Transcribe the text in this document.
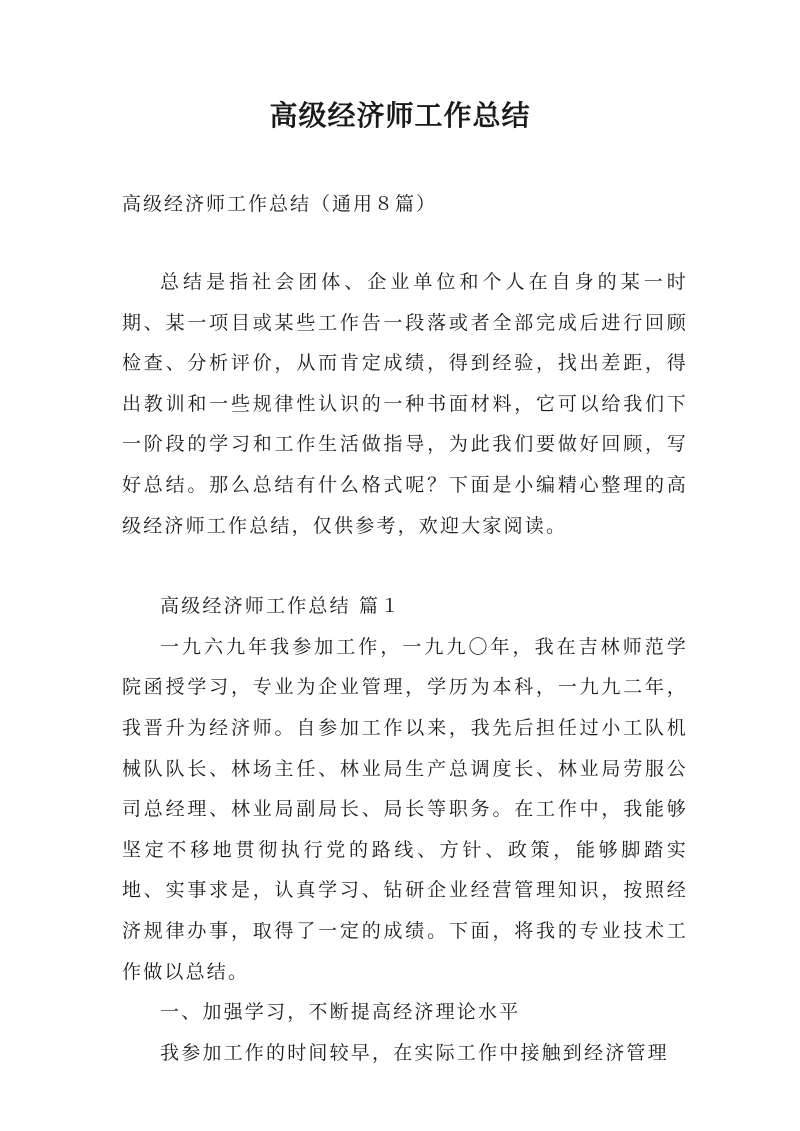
高级经济师工作总结

高级经济师工作总结（通用８篇）

总结是指社会团体、企业单位和个人在自身的某一时期、某一项目或某些工作告一段落或者全部完成后进行回顾检查、分析评价，从而肯定成绩，得到经验，找出差距，得出教训和一些规律性认识的一种书面材料，它可以给我们下一阶段的学习和工作生活做指导，为此我们要做好回顾，写好总结。那么总结有什么格式呢？下面是小编精心整理的高级经济师工作总结，仅供参考，欢迎大家阅读。

高级经济师工作总结 篇１

一九六九年我参加工作，一九九〇年，我在吉林师范学院函授学习，专业为企业管理，学历为本科，一九九二年，我晋升为经济师。自参加工作以来，我先后担任过小工队机械队队长、林场主任、林业局生产总调度长、林业局劳服公司总经理、林业局副局长、局长等职务。在工作中，我能够坚定不移地贯彻执行党的路线、方针、政策，能够脚踏实地、实事求是，认真学习、钻研企业经营管理知识，按照经济规律办事，取得了一定的成绩。下面，将我的专业技术工作做以总结。

一、加强学习，不断提高经济理论水平

我参加工作的时间较早，在实际工作中接触到经济管理
